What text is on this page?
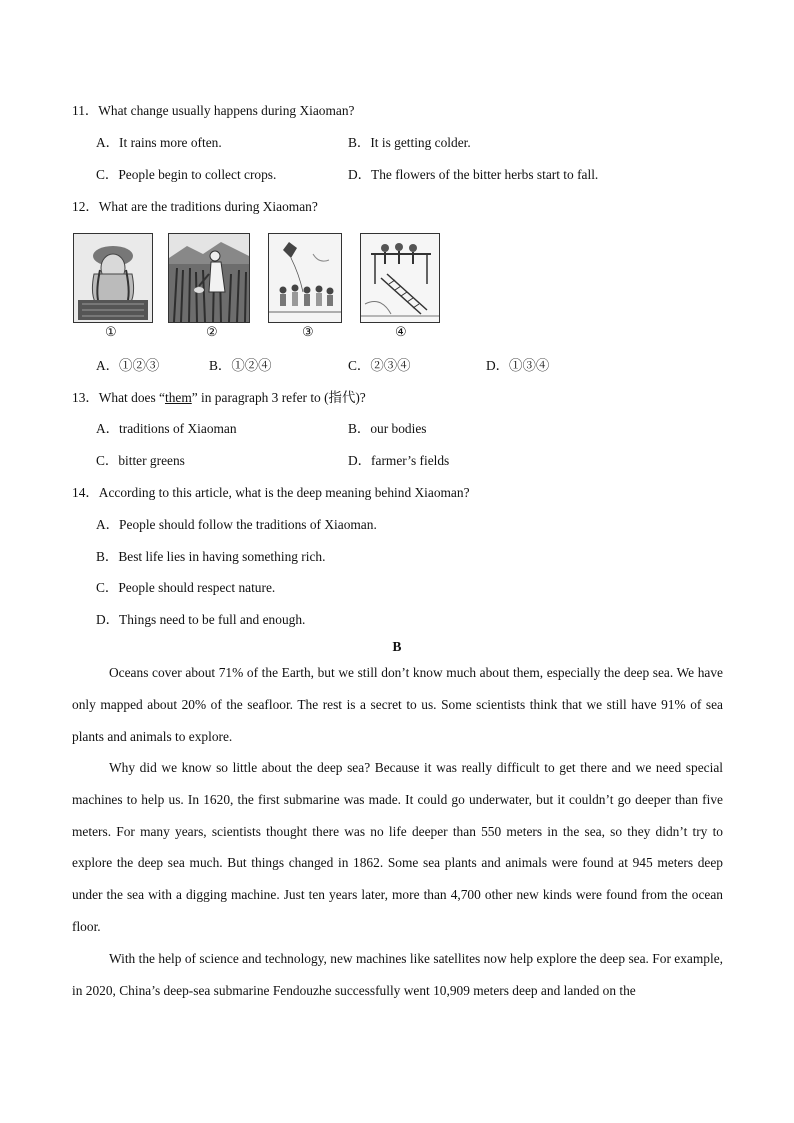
11．What change usually happens during Xiaoman?
A．It rains more often.	B．It is getting colder.
C．People begin to collect crops.	D．The flowers of the bitter herbs start to fall.
12．What are the traditions during Xiaoman?
①	②	③	④
A．①②③	B．①②④	C．②③④	D．①③④
13．What does “them” in paragraph 3 refer to (指代)?
A．traditions of Xiaoman	B．our bodies
C．bitter greens	D．farmer’s fields
14．According to this article, what is the deep meaning behind Xiaoman?
A．People should follow the traditions of Xiaoman.
B．Best life lies in having something rich.
C．People should respect nature.
D．Things need to be full and enough.
B
Oceans cover about 71% of the Earth, but we still don’t know much about them, especially the deep sea. We have only mapped about 20% of the seafloor. The rest is a secret to us. Some scientists think that we still have 91% of sea plants and animals to explore.
Why did we know so little about the deep sea? Because it was really difficult to get there and we need special machines to help us. In 1620, the first submarine was made. It could go underwater, but it couldn’t go deeper than five meters. For many years, scientists thought there was no life deeper than 550 meters in the sea, so they didn’t try to explore the deep sea much. But things changed in 1862. Some sea plants and animals were found at 945 meters deep under the sea with a digging machine. Just ten years later, more than 4,700 other new kinds were found from the ocean floor.
With the help of science and technology, new machines like satellites now help explore the deep sea. For example, in 2020, China’s deep-sea submarine Fendouzhe successfully went 10,909 meters deep and landed on the
